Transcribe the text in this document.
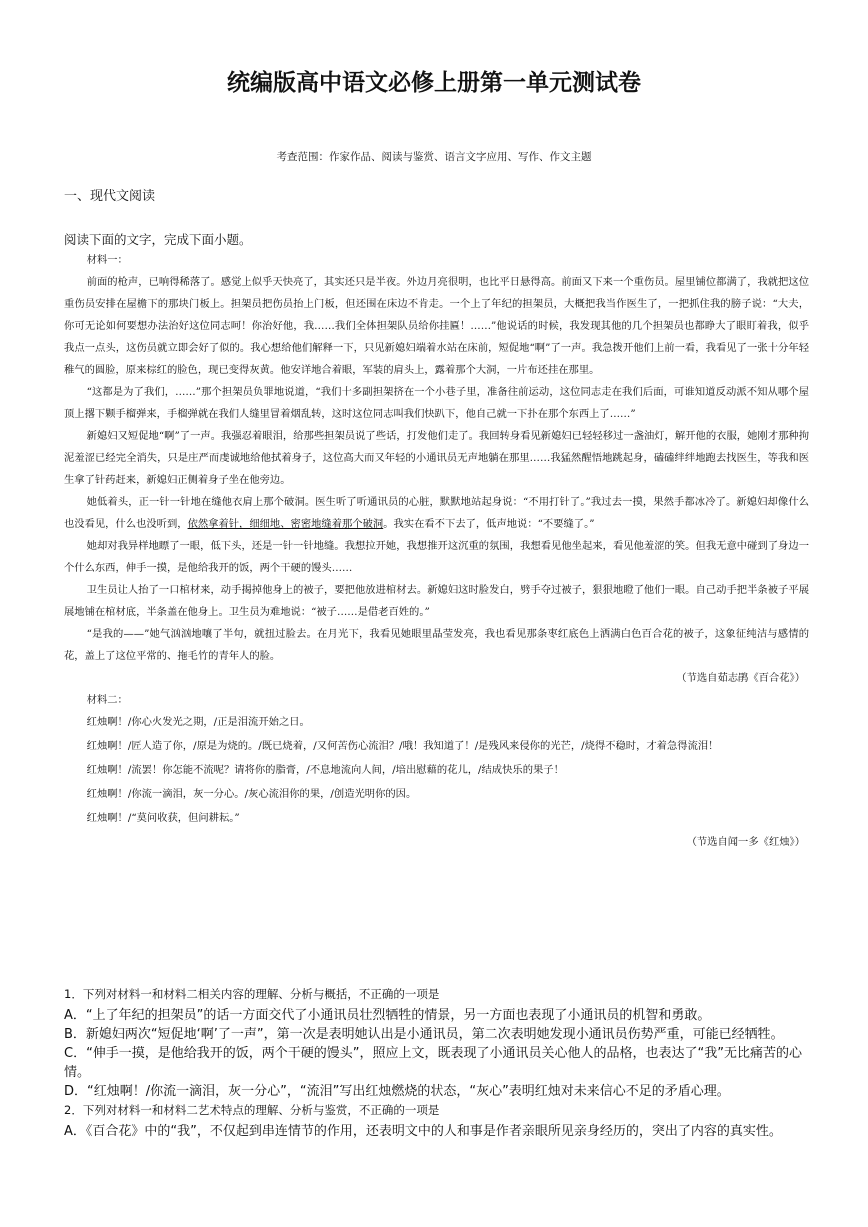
统编版高中语文必修上册第一单元测试卷
考查范围：作家作品、阅读与鉴赏、语言文字应用、写作、作文主题
一、现代文阅读
阅读下面的文字，完成下面小题。

材料一：

前面的枪声，已响得稀落了。感觉上似乎天快亮了，其实还只是半夜。外边月亮很明，也比平日悬得高。前面又下来一个重伤员。屋里铺位都满了，我就把这位重伤员安排在屋檐下的那块门板上。担架员把伤员抬上门板，但还围在床边不肯走。一个上了年纪的担架员，大概把我当作医生了，一把抓住我的膀子说：“大夫，你可无论如何要想办法治好这位同志呵！你治好他，我……我们全体担架队员给你挂匾！……”他说话的时候，我发现其他的几个担架员也都睁大了眼盯着我，似乎我点一点头，这伤员就立即会好了似的。我心想给他们解释一下，只见新媳妇端着水站在床前，短促地“啊”了一声。我急拨开他们上前一看，我看见了一张十分年轻稚气的圆脸，原来棕红的脸色，现已变得灰黄。他安详地合着眼，军装的肩头上，露着那个大洞，一片布还挂在那里。

“这都是为了我们，……”那个担架员负罪地说道，“我们十多副担架挤在一个小巷子里，准备往前运动，这位同志走在我们后面，可谁知道反动派不知从哪个屋顶上撂下颗手榴弹来，手榴弹就在我们人缝里冒着烟乱转，这时这位同志叫我们快趴下，他自己就一下扑在那个东西上了……”

新媳妇又短促地“啊”了一声。我强忍着眼泪，给那些担架员说了些话，打发他们走了。我回转身看见新媳妇已轻轻移过一盏油灯，解开他的衣服，她刚才那种拘泥羞涩已经完全消失，只是庄严而虔诚地给他拭着身子，这位高大而又年轻的小通讯员无声地躺在那里……我猛然醒悟地跳起身，磕磕绊绊地跑去找医生，等我和医生拿了针药赶来，新媳妇正侧着身子坐在他旁边。

她低着头，正一针一针地在缝他衣肩上那个破洞。医生听了听通讯员的心脏，默默地站起身说：“不用打针了。”我过去一摸，果然手都冰冷了。新媳妇却像什么也没看见，什么也没听到，依然拿着针，细细地、密密地缝着那个破洞。我实在看不下去了，低声地说：“不要缝了。”

她却对我异样地瞟了一眼，低下头，还是一针一针地缝。我想拉开她，我想推开这沉重的氛围，我想看见他坐起来，看见他羞涩的笑。但我无意中碰到了身边一个什么东西，伸手一摸，是他给我开的饭，两个干硬的馒头……

卫生员让人抬了一口棺材来，动手揭掉他身上的被子，要把他放进棺材去。新媳妇这时脸发白，劈手夺过被子，狠狠地瞪了他们一眼。自己动手把半条被子平展展地铺在棺材底，半条盖在他身上。卫生员为难地说：“被子……是借老百姓的。”

“是我的——”她气汹汹地嚷了半句，就扭过脸去。在月光下，我看见她眼里晶莹发亮，我也看见那条枣红底色上洒满白色百合花的被子，这象征纯洁与感情的花，盖上了这位平常的、拖毛竹的青年人的脸。

（节选自茹志鹃《百合花》）

材料二：

红烛啊！/你心火发光之期，/正是泪流开始之日。

红烛啊！/匠人造了你，/原是为烧的。/既已烧着，/又何苦伤心流泪？/哦！我知道了！/是残风来侵你的光芒，/烧得不稳时，才着急得流泪！

红烛啊！/流罢！你怎能不流呢？请将你的脂膏，/不息地流向人间，/培出慰藉的花儿，/结成快乐的果子！

红烛啊！/你流一滴泪，灰一分心。/灰心流泪你的果，/创造光明你的因。

红烛啊！/“莫问收获，但问耕耘。”

（节选自闻一多《红烛》）

1．下列对材料一和材料二相关内容的理解、分析与概括，不正确的一项是

A．“上了年纪的担架员”的话一方面交代了小通讯员壮烈牺牲的情景，另一方面也表现了小通讯员的机智和勇敢。

B．新媳妇两次“短促地‘啊’了一声”，第一次是表明她认出是小通讯员，第二次表明她发现小通讯员伤势严重，可能已经牺牲。

C．“伸手一摸，是他给我开的饭，两个干硬的馒头”，照应上文，既表现了小通讯员关心他人的品格，也表达了“我”无比痛苦的心情。

D．“红烛啊！/你流一滴泪，灰一分心”，“流泪”写出红烛燃烧的状态，“灰心”表明红烛对未来信心不足的矛盾心理。

2．下列对材料一和材料二艺术特点的理解、分析与鉴赏，不正确的一项是

A．《百合花》中的“我”，不仅起到串连情节的作用，还表明文中的人和事是作者亲眼所见亲身经历的，突出了内容的真实性。
